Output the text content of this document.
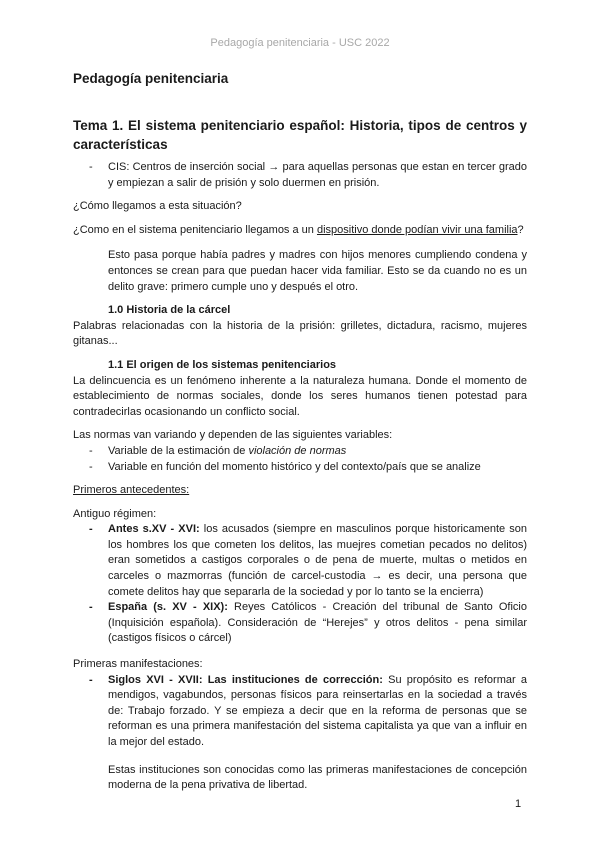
Pedagogía penitenciaria - USC 2022
Pedagogía penitenciaria
Tema 1. El sistema penitenciario español: Historia, tipos de centros y características
- CIS: Centros de inserción social → para aquellas personas que estan en tercer grado y empiezan a salir de prisión y solo duermen en prisión.

¿Cómo llegamos a esta situación?

¿Como en el sistema penitenciario llegamos a un dispositivo donde podían vivir una familia?

Esto pasa porque había padres y madres con hijos menores cumpliendo condena y entonces se crean para que puedan hacer vida familiar. Esto se da cuando no es un delito grave: primero cumple uno y después el otro.

1.0 Historia de la cárcel

Palabras relacionadas con la historia de la prisión: grilletes, dictadura, racismo, mujeres gitanas...

1.1 El origen de los sistemas penitenciarios

La delincuencia es un fenómeno inherente a la naturaleza humana. Donde el momento de establecimiento de normas sociales, donde los seres humanos tienen potestad para contradecirlas ocasionando un conflicto social.

Las normas van variando y dependen de las siguientes variables:

- Variable de la estimación de violación de normas
- Variable en función del momento histórico y del contexto/país que se analize

Primeros antecedentes:

Antiguo régimen:

- Antes s.XV - XVI: los acusados (siempre en masculinos porque historicamente son los hombres los que cometen los delitos, las muejres cometian pecados no delitos) eran sometidos a castigos corporales o de pena de muerte, multas o metidos en carceles o mazmorras (función de carcel-custodia → es decir, una persona que comete delitos hay que separarla de la sociedad y por lo tanto se la encierra)
- España (s. XV - XIX): Reyes Católicos - Creación del tribunal de Santo Oficio (Inquisición española). Consideración de “Herejes” y otros delitos - pena similar (castigos físicos o cárcel)

Primeras manifestaciones:

- Siglos XVI - XVII: Las instituciones de corrección: Su propósito es reformar a mendigos, vagabundos, personas físicos para reinsertarlas en la sociedad a través de: Trabajo forzado. Y se empieza a decir que en la reforma de personas que se reforman es una primera manifestación del sistema capitalista ya que van a influir en la mejor del estado.

Estas instituciones son conocidas como las primeras manifestaciones de concepción moderna de la pena privativa de libertad.

1
